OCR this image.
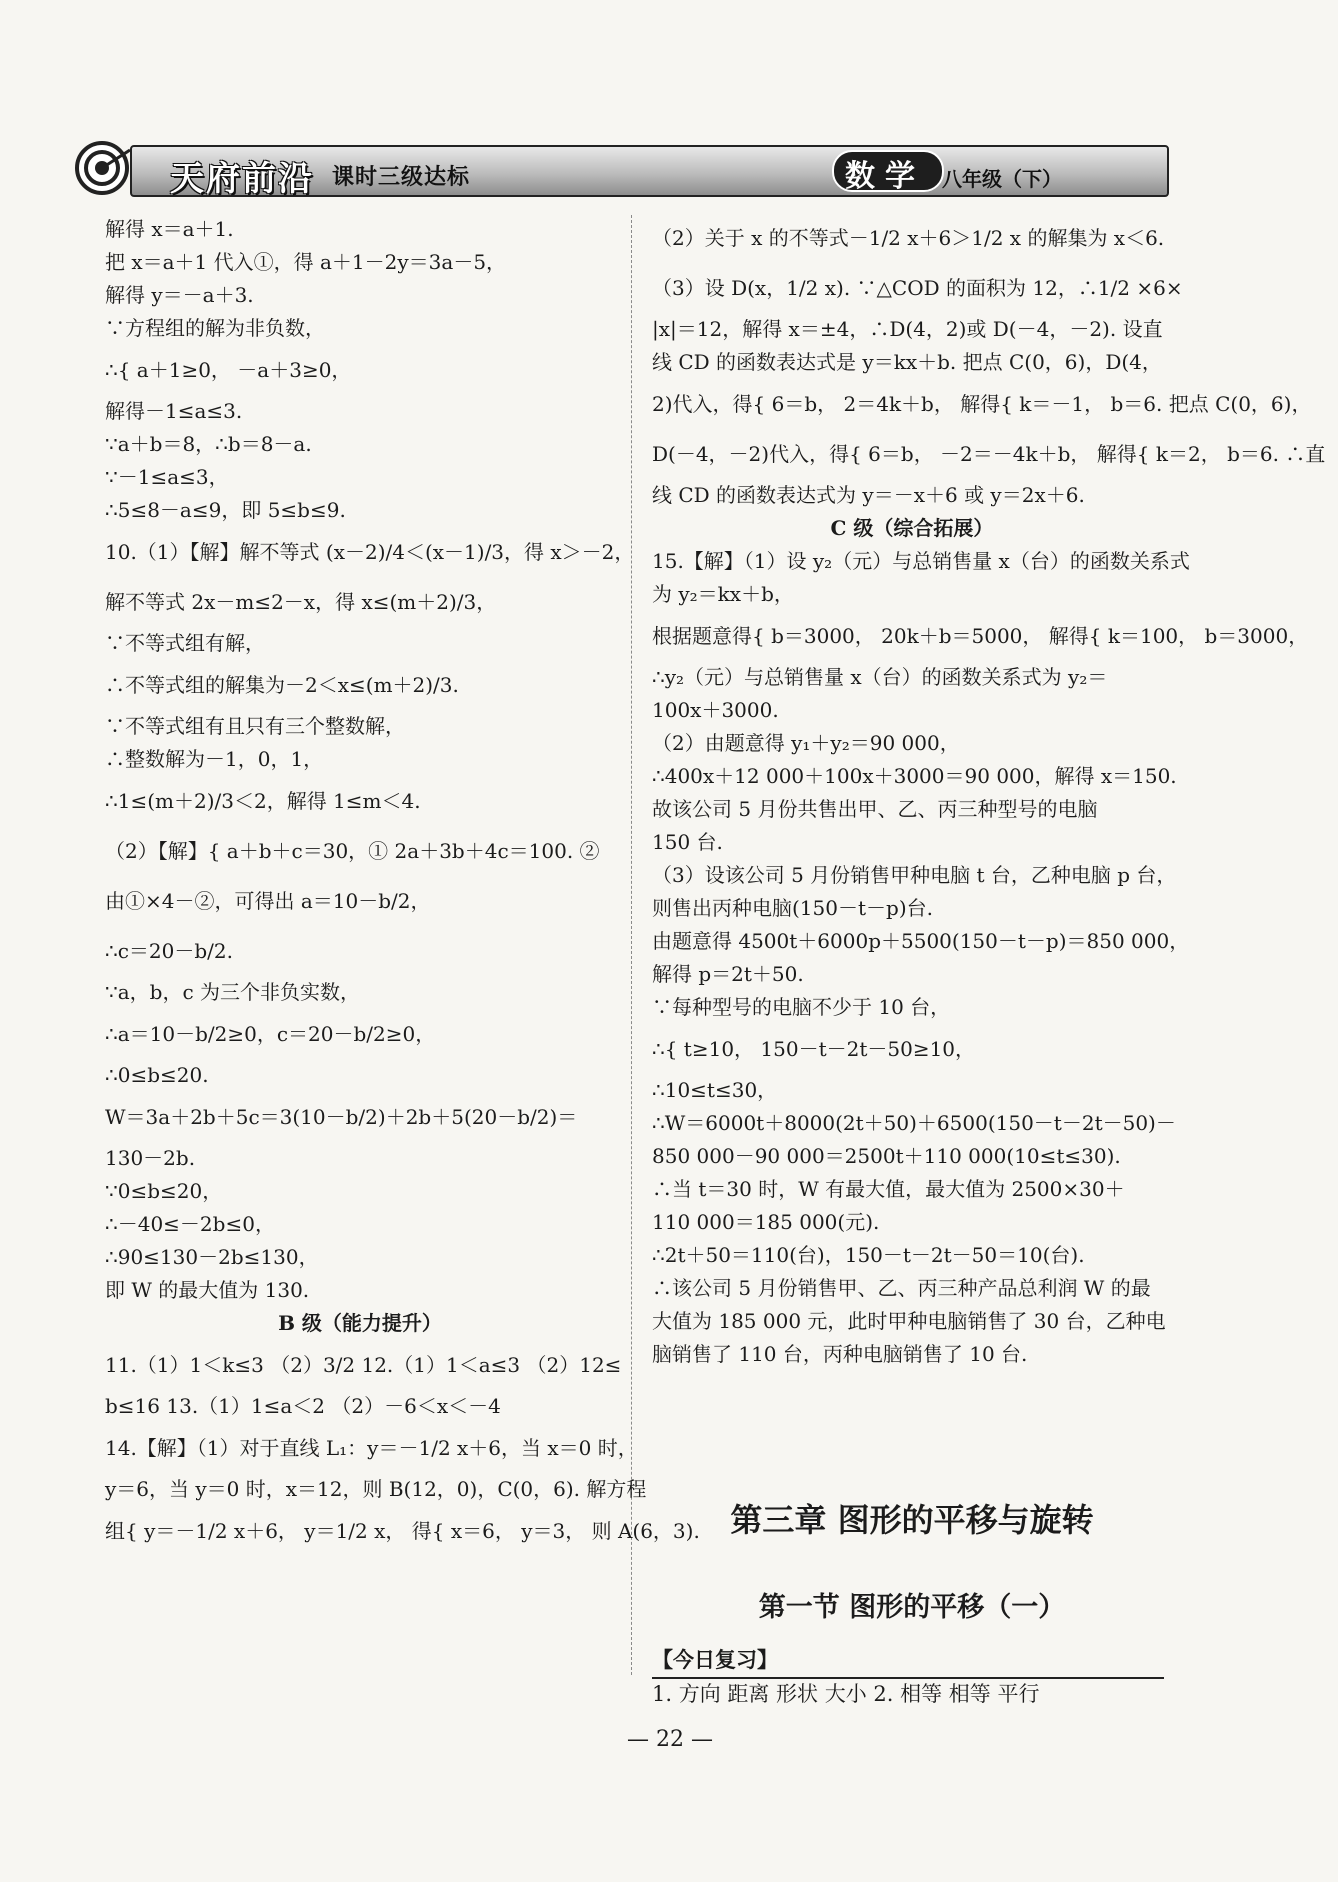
天府前沿 课时三级达标	数学 八年级（下）
解得 x＝a＋1.
把 x＝a＋1 代入①，得 a＋1－2y＝3a－5，
解得 y＝－a＋3.
∵方程组的解为非负数，
∴{ a＋1≥0， －a＋3≥0，
解得－1≤a≤3.
∵a＋b＝8，∴b＝8－a.
∵－1≤a≤3，
∴5≤8－a≤9，即 5≤b≤9.
10.（1）【解】解不等式 (x－2)/4＜(x－1)/3，得 x＞－2，
解不等式 2x－m≤2－x，得 x≤(m＋2)/3，
∵不等式组有解，
∴不等式组的解集为－2＜x≤(m＋2)/3.
∵不等式组有且只有三个整数解，
∴整数解为－1，0，1，
∴1≤(m＋2)/3＜2，解得 1≤m＜4.
（2）【解】{ a＋b＋c＝30，① 2a＋3b＋4c＝100. ②
由①×4－②，可得出 a＝10－b/2，
∴c＝20－b/2.
∵a，b，c 为三个非负实数，
∴a＝10－b/2≥0，c＝20－b/2≥0，
∴0≤b≤20.
W＝3a＋2b＋5c＝3(10－b/2)＋2b＋5(20－b/2)＝
130－2b.
∵0≤b≤20，
∴－40≤－2b≤0，
∴90≤130－2b≤130，
即 W 的最大值为 130.
B 级（能力提升）
11.（1）1＜k≤3 （2）3/2 12.（1）1＜a≤3 （2）12≤
b≤16 13.（1）1≤a＜2 （2）－6＜x＜－4
14.【解】（1）对于直线 L₁：y＝－1/2 x＋6，当 x＝0 时，
y＝6，当 y＝0 时，x＝12，则 B(12，0)，C(0，6). 解方程
组{ y＝－1/2 x＋6， y＝1/2 x， 得{ x＝6， y＝3， 则 A(6，3).
（2）关于 x 的不等式－1/2 x＋6＞1/2 x 的解集为 x＜6.
（3）设 D(x，1/2 x). ∵△COD 的面积为 12，∴1/2 ×6×
|x|＝12，解得 x＝±4，∴D(4，2)或 D(－4，－2). 设直
线 CD 的函数表达式是 y＝kx＋b. 把点 C(0，6)，D(4，
2)代入，得{ 6＝b， 2＝4k＋b， 解得{ k＝－1， b＝6. 把点 C(0，6)，
D(－4，－2)代入，得{ 6＝b， －2＝－4k＋b， 解得{ k＝2， b＝6. ∴直
线 CD 的函数表达式为 y＝－x＋6 或 y＝2x＋6.
C 级（综合拓展）
15.【解】（1）设 y₂（元）与总销售量 x（台）的函数关系式
为 y₂＝kx＋b，
根据题意得{ b＝3000， 20k＋b＝5000， 解得{ k＝100， b＝3000，
∴y₂（元）与总销售量 x（台）的函数关系式为 y₂＝
100x＋3000.
（2）由题意得 y₁＋y₂＝90 000，
∴400x＋12 000＋100x＋3000＝90 000，解得 x＝150.
故该公司 5 月份共售出甲、乙、丙三种型号的电脑
150 台.
（3）设该公司 5 月份销售甲种电脑 t 台，乙种电脑 p 台，
则售出丙种电脑(150－t－p)台.
由题意得 4500t＋6000p＋5500(150－t－p)＝850 000，
解得 p＝2t＋50.
∵每种型号的电脑不少于 10 台，
∴{ t≥10， 150－t－2t－50≥10，
∴10≤t≤30，
∴W＝6000t＋8000(2t＋50)＋6500(150－t－2t－50)－
850 000－90 000＝2500t＋110 000(10≤t≤30).
∴当 t＝30 时，W 有最大值，最大值为 2500×30＋
110 000＝185 000(元).
∴2t＋50＝110(台)，150－t－2t－50＝10(台).
∴该公司 5 月份销售甲、乙、丙三种产品总利润 W 的最
大值为 185 000 元，此时甲种电脑销售了 30 台，乙种电
脑销售了 110 台，丙种电脑销售了 10 台.
第三章 图形的平移与旋转
第一节 图形的平移（一）
【今日复习】
1. 方向 距离 形状 大小 2. 相等 相等 平行
— 22 —
